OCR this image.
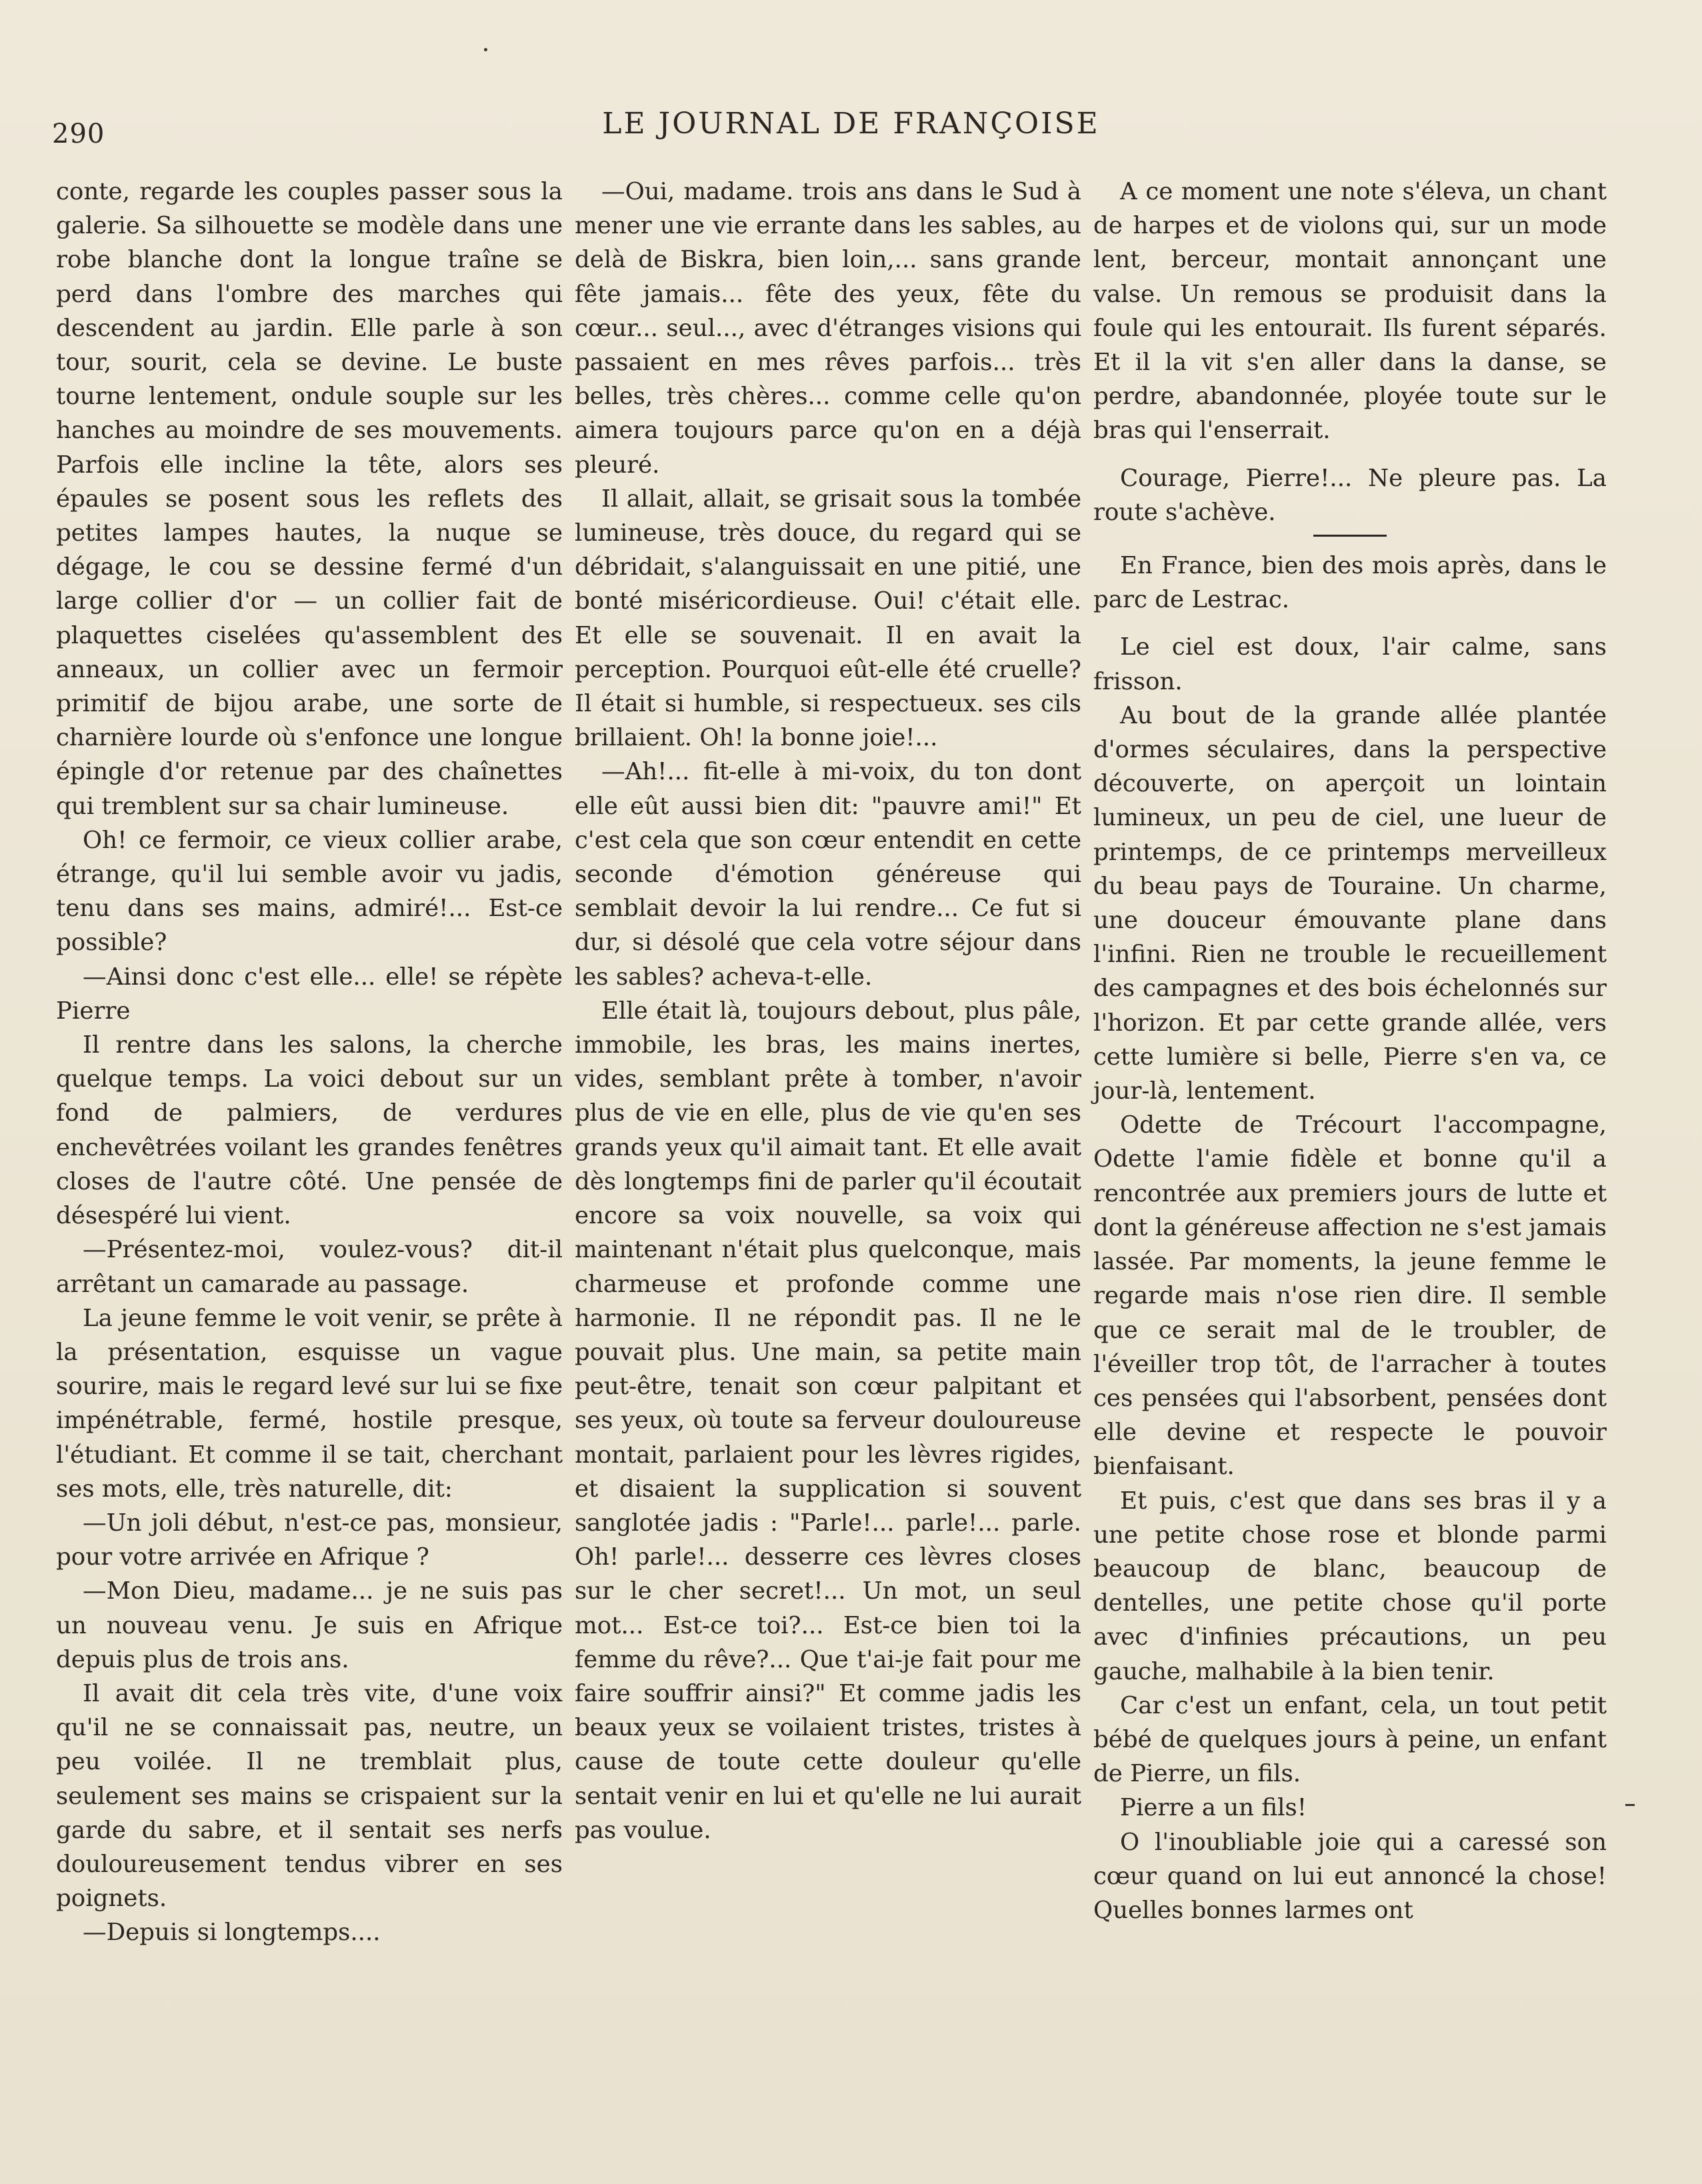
290	LE JOURNAL DE FRANÇOISE

conte, regarde les couples passer sous la galerie. Sa silhouette se modèle dans une robe blanche dont la longue traîne se perd dans l'ombre des marches qui descendent au jardin. Elle parle à son tour, sourit, cela se devine. Le buste tourne lentement, ondule souple sur les hanches au moindre de ses mouvements. Parfois elle incline la tête, alors ses épaules se posent sous les reflets des petites lampes hautes, la nuque se dégage, le cou se dessine fermé d'un large collier d'or — un collier fait de plaquettes ciselées qu'assemblent des anneaux, un collier avec un fermoir primitif de bijou arabe, une sorte de charnière lourde où s'enfonce une longue épingle d'or retenue par des chaînettes qui tremblent sur sa chair lumineuse.

Oh! ce fermoir, ce vieux collier arabe, étrange, qu'il lui semble avoir vu jadis, tenu dans ses mains, admiré!... Est-ce possible?

—Ainsi donc c'est elle... elle! se répète Pierre

Il rentre dans les salons, la cherche quelque temps. La voici debout sur un fond de palmiers, de verdures enchevêtrées voilant les grandes fenêtres closes de l'autre côté. Une pensée de désespéré lui vient.

—Présentez-moi, voulez-vous? dit-il arrêtant un camarade au passage.

La jeune femme le voit venir, se prête à la présentation, esquisse un vague sourire, mais le regard levé sur lui se fixe impénétrable, fermé, hostile presque, l'étudiant. Et comme il se tait, cherchant ses mots, elle, très naturelle, dit:

—Un joli début, n'est-ce pas, monsieur, pour votre arrivée en Afrique ?

—Mon Dieu, madame... je ne suis pas un nouveau venu. Je suis en Afrique depuis plus de trois ans.

Il avait dit cela très vite, d'une voix qu'il ne se connaissait pas, neutre, un peu voilée. Il ne tremblait plus, seulement ses mains se crispaient sur la garde du sabre, et il sentait ses nerfs douloureusement tendus vibrer en ses poignets.

—Depuis si longtemps....

—Oui, madame. trois ans dans le Sud à mener une vie errante dans les sables, au delà de Biskra, bien loin,... sans grande fête jamais... fête des yeux, fête du cœur... seul..., avec d'étranges visions qui passaient en mes rêves parfois... très belles, très chères... comme celle qu'on aimera toujours parce qu'on en a déjà pleuré.

Il allait, allait, se grisait sous la tombée lumineuse, très douce, du regard qui se débridait, s'alanguissait en une pitié, une bonté miséricordieuse. Oui! c'était elle. Et elle se souvenait. Il en avait la perception. Pourquoi eût-elle été cruelle? Il était si humble, si respectueux. ses cils brillaient. Oh! la bonne joie!...

—Ah!... fit-elle à mi-voix, du ton dont elle eût aussi bien dit: "pauvre ami!" Et c'est cela que son cœur entendit en cette seconde d'émotion généreuse qui semblait devoir la lui rendre... Ce fut si dur, si désolé que cela votre séjour dans les sables? acheva-t-elle.

Elle était là, toujours debout, plus pâle, immobile, les bras, les mains inertes, vides, semblant prête à tomber, n'avoir plus de vie en elle, plus de vie qu'en ses grands yeux qu'il aimait tant. Et elle avait dès longtemps fini de parler qu'il écoutait encore sa voix nouvelle, sa voix qui maintenant n'était plus quelconque, mais charmeuse et profonde comme une harmonie. Il ne répondit pas. Il ne le pouvait plus. Une main, sa petite main peut-être, tenait son cœur palpitant et ses yeux, où toute sa ferveur douloureuse montait, parlaient pour les lèvres rigides, et disaient la supplication si souvent sanglotée jadis : "Parle!... parle!... parle. Oh! parle!... desserre ces lèvres closes sur le cher secret!... Un mot, un seul mot... Est-ce toi?... Est-ce bien toi la femme du rêve?... Que t'ai-je fait pour me faire souffrir ainsi?" Et comme jadis les beaux yeux se voilaient tristes, tristes à cause de toute cette douleur qu'elle sentait venir en lui et qu'elle ne lui aurait pas voulue.

A ce moment une note s'éleva, un chant de harpes et de violons qui, sur un mode lent, berceur, montait annonçant une valse. Un remous se produisit dans la foule qui les entourait. Ils furent séparés. Et il la vit s'en aller dans la danse, se perdre, abandonnée, ployée toute sur le bras qui l'enserrait.

Courage, Pierre!... Ne pleure pas. La route s'achève.

En France, bien des mois après, dans le parc de Lestrac.

Le ciel est doux, l'air calme, sans frisson.

Au bout de la grande allée plantée d'ormes séculaires, dans la perspective découverte, on aperçoit un lointain lumineux, un peu de ciel, une lueur de printemps, de ce printemps merveilleux du beau pays de Touraine. Un charme, une douceur émouvante plane dans l'infini. Rien ne trouble le recueillement des campagnes et des bois échelonnés sur l'horizon. Et par cette grande allée, vers cette lumière si belle, Pierre s'en va, ce jour-là, lentement.

Odette de Trécourt l'accompagne, Odette l'amie fidèle et bonne qu'il a rencontrée aux premiers jours de lutte et dont la généreuse affection ne s'est jamais lassée. Par moments, la jeune femme le regarde mais n'ose rien dire. Il semble que ce serait mal de le troubler, de l'éveiller trop tôt, de l'arracher à toutes ces pensées qui l'absorbent, pensées dont elle devine et respecte le pouvoir bienfaisant.

Et puis, c'est que dans ses bras il y a une petite chose rose et blonde parmi beaucoup de blanc, beaucoup de dentelles, une petite chose qu'il porte avec d'infinies précautions, un peu gauche, malhabile à la bien tenir.

Car c'est un enfant, cela, un tout petit bébé de quelques jours à peine, un enfant de Pierre, un fils.

Pierre a un fils!

O l'inoubliable joie qui a caressé son cœur quand on lui eut annoncé la chose! Quelles bonnes larmes ont
